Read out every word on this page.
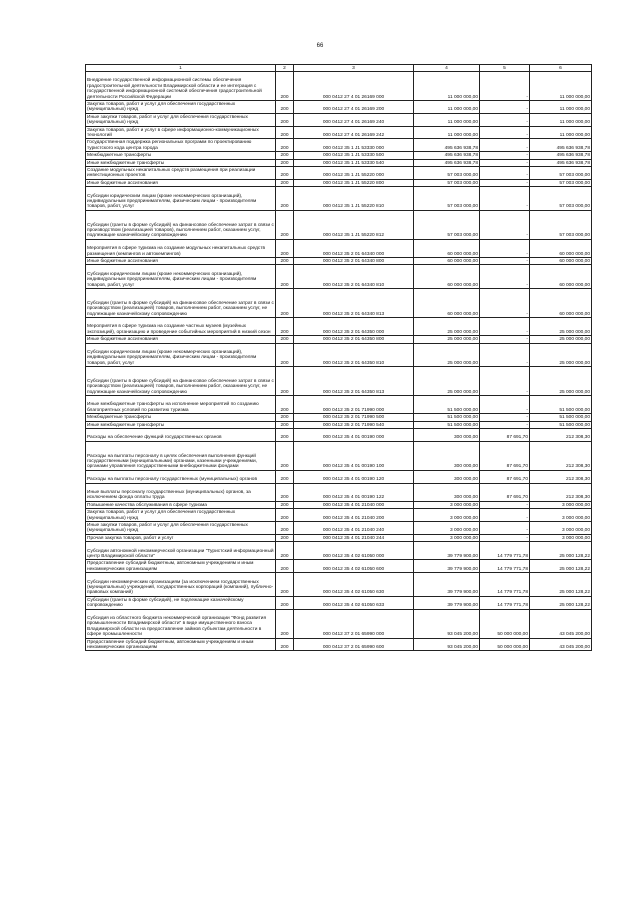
66
1	2	3	4	5	6
Внедрение государственной информационной системы обеспечения градостроительной деятельности Владимирской области и ее интеграция с государственной информационной системой обеспечения градостроительной деятельности Российской Федерации	200	000 0412 27 4 01 26169 000	11 000 000,00	-	11 000 000,00
Закупка товаров, работ и услуг для обеспечения государственных (муниципальных) нужд	200	000 0412 27 4 01 26169 200	11 000 000,00	-	11 000 000,00
Иные закупки товаров, работ и услуг для обеспечения государственных (муниципальных) нужд	200	000 0412 27 4 01 26169 240	11 000 000,00	-	11 000 000,00
Закупка товаров, работ и услуг в сфере информационно-коммуникационных технологий	200	000 0412 27 4 01 26169 242	11 000 000,00	-	11 000 000,00
Государственная поддержка региональных программ по проектированию туристского кода центра города	200	000 0412 35 1 J1 53330 000	495 636 938,78	-	495 636 938,78
Межбюджетные трансферты	200	000 0412 35 1 J1 53330 500	495 636 938,78	-	495 636 938,78
Иные межбюджетные трансферты	200	000 0412 35 1 J1 53330 540	495 636 938,78	-	495 636 938,78
Создание модульных некапитальных средств размещения при реализации инвестиционных проектов	200	000 0412 35 1 J1 55220 000	57 003 000,00	-	57 003 000,00
Иные бюджетные ассигнования	200	000 0412 35 1 J1 55220 800	57 003 000,00	-	57 003 000,00
Субсидии юридическим лицам (кроме некоммерческих организаций), индивидуальным предпринимателям, физическим лицам - производителям товаров, работ, услуг	200	000 0412 35 1 J1 55220 810	57 003 000,00	-	57 003 000,00
Субсидии (гранты в форме субсидий) на финансовое обеспечение затрат в связи с производством (реализацией товаров), выполнением работ, оказанием услуг, подлежащие казначейскому сопровождению	200	000 0412 35 1 J1 55220 812	57 003 000,00	-	57 003 000,00
Мероприятия в сфере туризма на создание модульных некапитальных средств размещения (кемпингов и автокемпингов)	200	000 0412 35 2 01 64340 000	60 000 000,00	-	60 000 000,00
Иные бюджетные ассигнования	200	000 0412 35 2 01 64340 800	60 000 000,00	-	60 000 000,00
Субсидии юридическим лицам (кроме некоммерческих организаций), индивидуальным предпринимателям, физическим лицам - производителям товаров, работ, услуг	200	000 0412 35 2 01 64340 810	60 000 000,00	-	60 000 000,00
Субсидии (гранты в форме субсидий) на финансовое обеспечение затрат в связи с производством (реализацией) товаров, выполнением работ, оказанием услуг, не подлежащие казначейскому сопровождению	200	000 0412 35 2 01 64340 813	60 000 000,00	-	60 000 000,00
Мероприятия в сфере туризма на создание частных музеев (музейных экспозиций), организацию и проведение событийных мероприятий в низкий сезон	200	000 0412 35 2 01 64350 000	25 000 000,00	-	25 000 000,00
Иные бюджетные ассигнования	200	000 0412 35 2 01 64350 800	25 000 000,00	-	25 000 000,00
Субсидии юридическим лицам (кроме некоммерческих организаций), индивидуальным предпринимателям, физическим лицам - производителям товаров, работ, услуг	200	000 0412 35 2 01 64350 810	25 000 000,00	-	25 000 000,00
Субсидии (гранты в форме субсидий) на финансовое обеспечение затрат в связи с производством (реализацией) товаров, выполнением работ, оказанием услуг, не подлежащие казначейскому сопровождению	200	000 0412 35 2 01 64350 813	25 000 000,00	-	25 000 000,00
Иные межбюджетные трансферты на исполнение мероприятий по созданию благоприятных условий по развитию туризма	200	000 0412 35 2 01 71990 000	51 500 000,00	-	51 500 000,00
Межбюджетные трансферты	200	000 0412 35 2 01 71990 500	51 500 000,00	-	51 500 000,00
Иные межбюджетные трансферты	200	000 0412 35 2 01 71990 540	51 500 000,00	-	51 500 000,00
Расходы на обеспечение функций государственных органов	200	000 0412 35 4 01 00190 000	300 000,00	87 691,70	212 308,30
Расходы на выплаты персоналу в целях обеспечения выполнения функций государственными (муниципальными) органами, казенными учреждениями, органами управления государственными внебюджетными фондами	200	000 0412 35 4 01 00190 100	300 000,00	87 691,70	212 308,30
Расходы на выплаты персоналу государственных (муниципальных) органов	200	000 0412 35 4 01 00190 120	300 000,00	87 691,70	212 308,30
Иные выплаты персоналу государственных (муниципальных) органов, за исключением фонда оплаты труда	200	000 0412 35 4 01 00190 122	300 000,00	87 691,70	212 308,30
Повышение качества обслуживания в сфере туризма	200	000 0412 35 4 01 21040 000	3 000 000,00	-	3 000 000,00
Закупка товаров, работ и услуг для обеспечения государственных (муниципальных) нужд	200	000 0412 35 4 01 21040 200	3 000 000,00	-	3 000 000,00
Иные закупки товаров, работ и услуг для обеспечения государственных (муниципальных) нужд	200	000 0412 35 4 01 21040 240	3 000 000,00	-	3 000 000,00
Прочая закупка товаров, работ и услуг	200	000 0412 35 4 01 21040 244	3 000 000,00	-	3 000 000,00
Субсидии автономной некоммерческой организации "Туристский информационный центр Владимирской области"	200	000 0412 35 4 02 61050 000	39 779 900,00	14 779 771,78	25 000 128,22
Предоставление субсидий бюджетным, автономным учреждениям и иным некоммерческим организациям	200	000 0412 35 4 02 61050 600	39 779 900,00	14 779 771,78	25 000 128,22
Субсидии некоммерческим организациям (за исключением государственных (муниципальных) учреждений, государственных корпораций (компаний), публично-правовых компаний)	200	000 0412 35 4 02 61050 630	39 779 900,00	14 779 771,78	25 000 128,22
Субсидии (гранты в форме субсидий), не подлежащие казначейскому сопровождению	200	000 0412 35 4 02 61050 633	39 779 900,00	14 779 771,78	25 000 128,22
Субсидия из областного бюджета некоммерческой организации "Фонд развития промышленности Владимирской области" в виде имущественного взноса Владимирской области на предоставление займов субъектам деятельности в сфере промышленности	200	000 0412 37 2 01 65990 000	93 045 200,00	50 000 000,00	43 045 200,00
Предоставление субсидий бюджетным, автономным учреждениям и иным некоммерческим организациям	200	000 0412 37 2 01 65990 600	93 045 200,00	50 000 000,00	43 045 200,00
